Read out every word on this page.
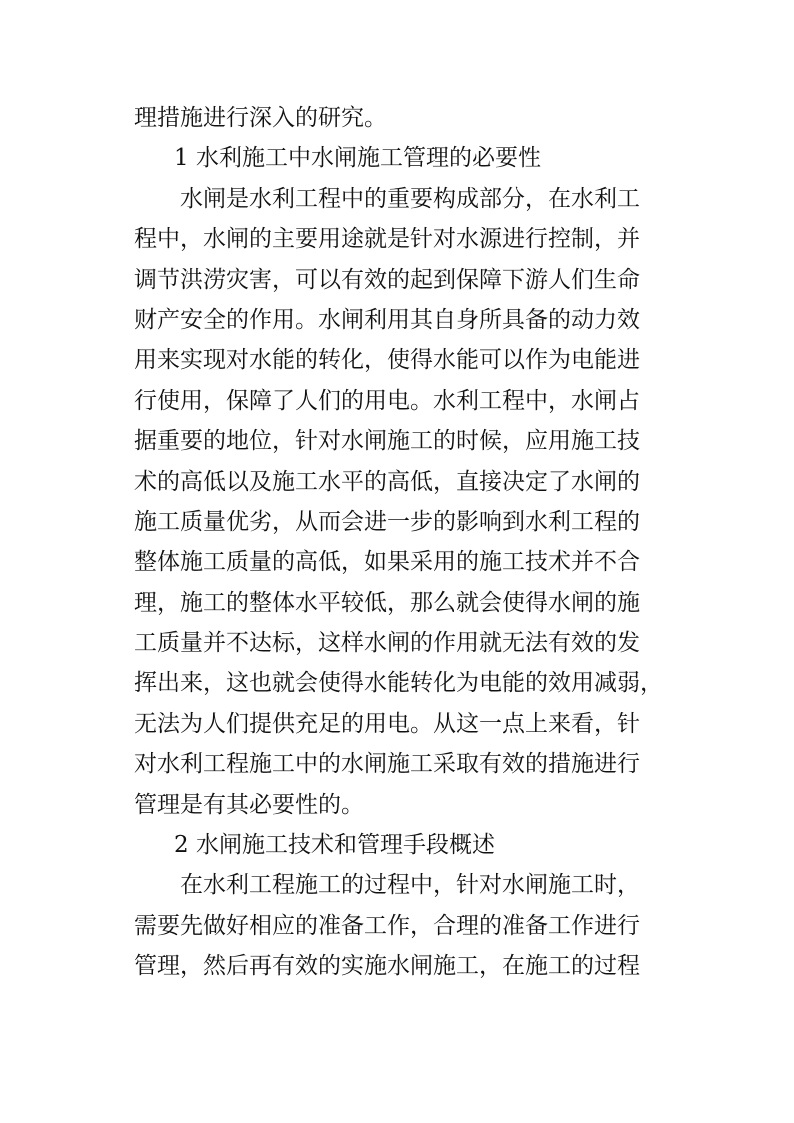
理措施进行深入的研究。
1 水利施工中水闸施工管理的必要性
水闸是水利工程中的重要构成部分，在水利工
程中，水闸的主要用途就是针对水源进行控制，并
调节洪涝灾害，可以有效的起到保障下游人们生命
财产安全的作用。水闸利用其自身所具备的动力效
用来实现对水能的转化，使得水能可以作为电能进
行使用，保障了人们的用电。水利工程中，水闸占
据重要的地位，针对水闸施工的时候，应用施工技
术的高低以及施工水平的高低，直接决定了水闸的
施工质量优劣，从而会进一步的影响到水利工程的
整体施工质量的高低，如果采用的施工技术并不合
理，施工的整体水平较低，那么就会使得水闸的施
工质量并不达标，这样水闸的作用就无法有效的发
挥出来，这也就会使得水能转化为电能的效用减弱，
无法为人们提供充足的用电。从这一点上来看，针
对水利工程施工中的水闸施工采取有效的措施进行
管理是有其必要性的。
2 水闸施工技术和管理手段概述
在水利工程施工的过程中，针对水闸施工时，
需要先做好相应的准备工作，合理的准备工作进行
管理，然后再有效的实施水闸施工，在施工的过程
